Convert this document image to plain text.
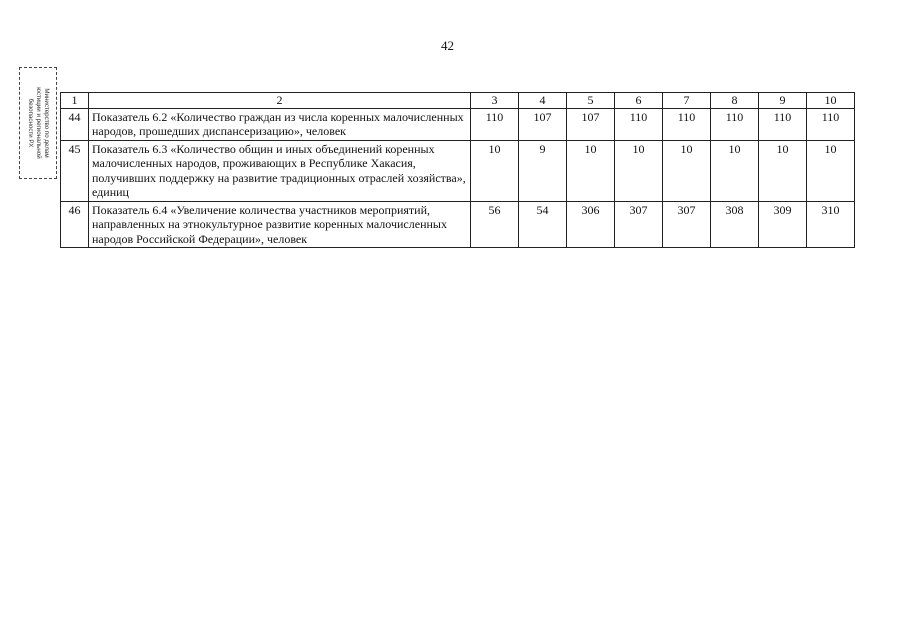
42
Министерство по делам
юстиции и региональной
безопасности РХ	1	2	3	4	5	6	7	8	9	10
44	Показатель 6.2 «Количество граждан из числа коренных малочисленных народов, прошедших диспансеризацию», человек	110	107	107	110	110	110	110	110
45	Показатель 6.3 «Количество общин и иных объединений коренных малочисленных народов, проживающих в Республике Хакасия, получивших поддержку на развитие традиционных отраслей хозяйства», единиц	10	9	10	10	10	10	10	10
46	Показатель 6.4 «Увеличение количества участников мероприятий, направленных на этнокультурное развитие коренных малочисленных народов Российской Федерации», человек	56	54	306	307	307	308	309	310
